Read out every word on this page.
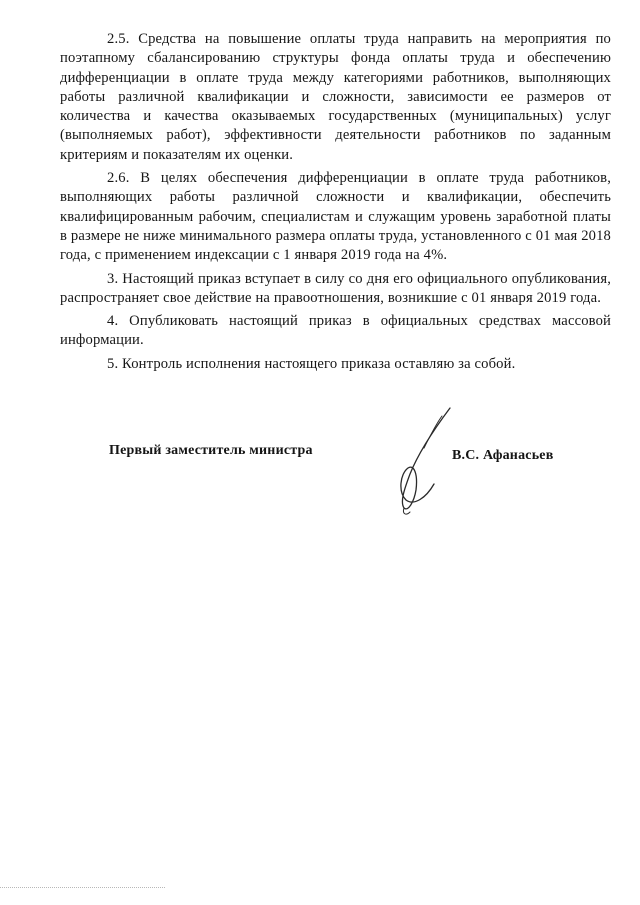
2.5. Средства на повышение оплаты труда направить на мероприятия по поэтапному сбалансированию структуры фонда оплаты труда и обеспечению дифференциации в оплате труда между категориями работников, выполняющих работы различной квалификации и сложности, зависимости ее размеров от количества и качества оказываемых государственных (муниципальных) услуг (выполняемых работ), эффективности деятельности работников по заданным критериям и показателям их оценки.

2.6. В целях обеспечения дифференциации в оплате труда работников, выполняющих работы различной сложности и квалификации, обеспечить квалифицированным рабочим, специалистам и служащим уровень заработной платы в размере не ниже минимального размера оплаты труда, установленного с 01 мая 2018 года, с применением индексации с 1 января 2019 года на 4%.

3. Настоящий приказ вступает в силу со дня его официального опубликования, распространяет свое действие на правоотношения, возникшие с 01 января 2019 года.

4. Опубликовать настоящий приказ в официальных средствах массовой информации.

5. Контроль исполнения настоящего приказа оставляю за собой.

Первый заместитель министра	В.С. Афанасьев
